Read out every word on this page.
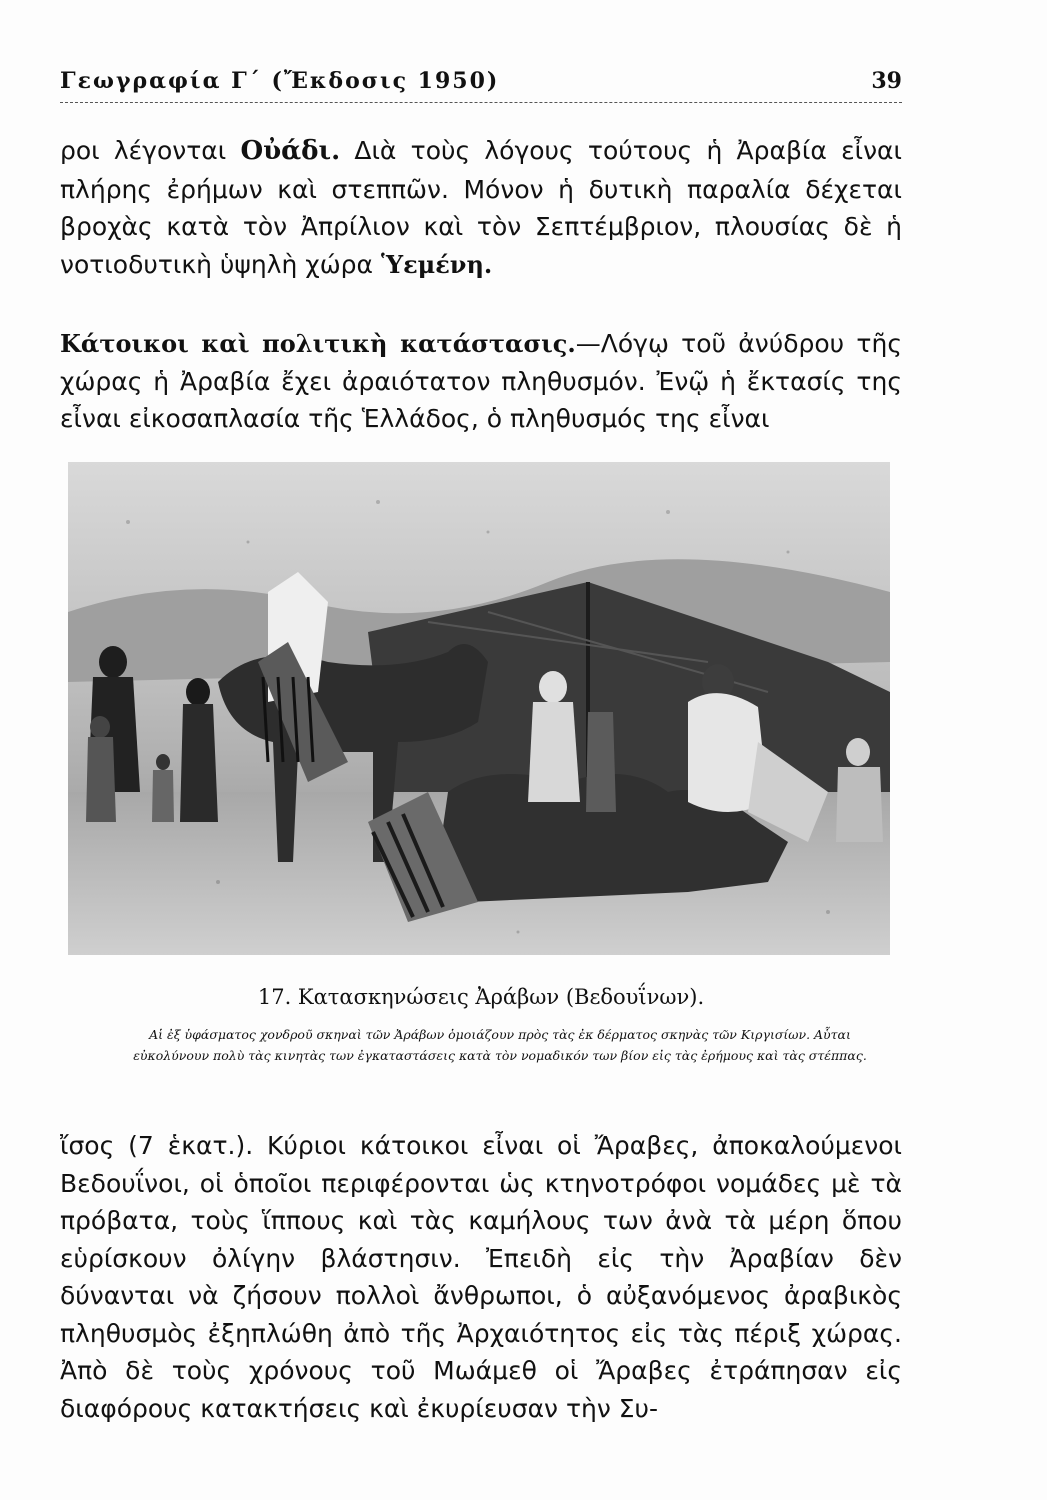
Γεωγραφία Γ΄ (Ἔκδοσις 1950)	39

ροι λέγονται Οὐάδι. Διὰ τοὺς λόγους τούτους ἡ Ἀραβία εἶναι πλήρης ἐρήμων καὶ στεππῶν. Μόνον ἡ δυτικὴ παραλία δέχεται βροχὰς κατὰ τὸν Ἀπρίλιον καὶ τὸν Σεπτέμβριον, πλουσίας δὲ ἡ νοτιοδυτικὴ ὑψηλὴ χώρα Ὑεμένη.

Κάτοικοι καὶ πολιτικὴ κατάστασις.—Λόγῳ τοῦ ἀνύδρου τῆς χώρας ἡ Ἀραβία ἔχει ἀραιότατον πληθυσμόν. Ἐνῷ ἡ ἔκτασίς της εἶναι εἰκοσαπλασία τῆς Ἑλλάδος, ὁ πληθυσμός της εἶναι

17. Κατασκηνώσεις Ἀράβων (Βεδουΐνων).
Αἱ ἐξ ὑφάσματος χονδροῦ σκηναὶ τῶν Ἀράβων ὁμοιάζουν πρὸς τὰς ἐκ δέρματος σκηνὰς τῶν Κιργισίων. Αὗται εὐκολύνουν πολὺ τὰς κινητὰς των ἐγκαταστάσεις κατὰ τὸν νομαδικόν των βίον εἰς τὰς ἐρήμους καὶ τὰς στέππας.

ἴσος (7 ἑκατ.). Κύριοι κάτοικοι εἶναι οἱ Ἄραβες, ἀποκαλούμενοι Βεδουΐνοι, οἱ ὁποῖοι περιφέρονται ὡς κτηνοτρόφοι νομάδες μὲ τὰ πρόβατα, τοὺς ἵππους καὶ τὰς καμήλους των ἀνὰ τὰ μέρη ὅπου εὑρίσκουν ὀλίγην βλάστησιν. Ἐπειδὴ εἰς τὴν Ἀραβίαν δὲν δύνανται νὰ ζήσουν πολλοὶ ἄνθρωποι, ὁ αὐξανόμενος ἀραβικὸς πληθυσμὸς ἐξηπλώθη ἀπὸ τῆς Ἀρχαιότητος εἰς τὰς πέριξ χώρας. Ἀπὸ δὲ τοὺς χρόνους τοῦ Μωάμεθ οἱ Ἄραβες ἐτράπησαν εἰς διαφόρους κατακτήσεις καὶ ἐκυρίευσαν τὴν Συ-
